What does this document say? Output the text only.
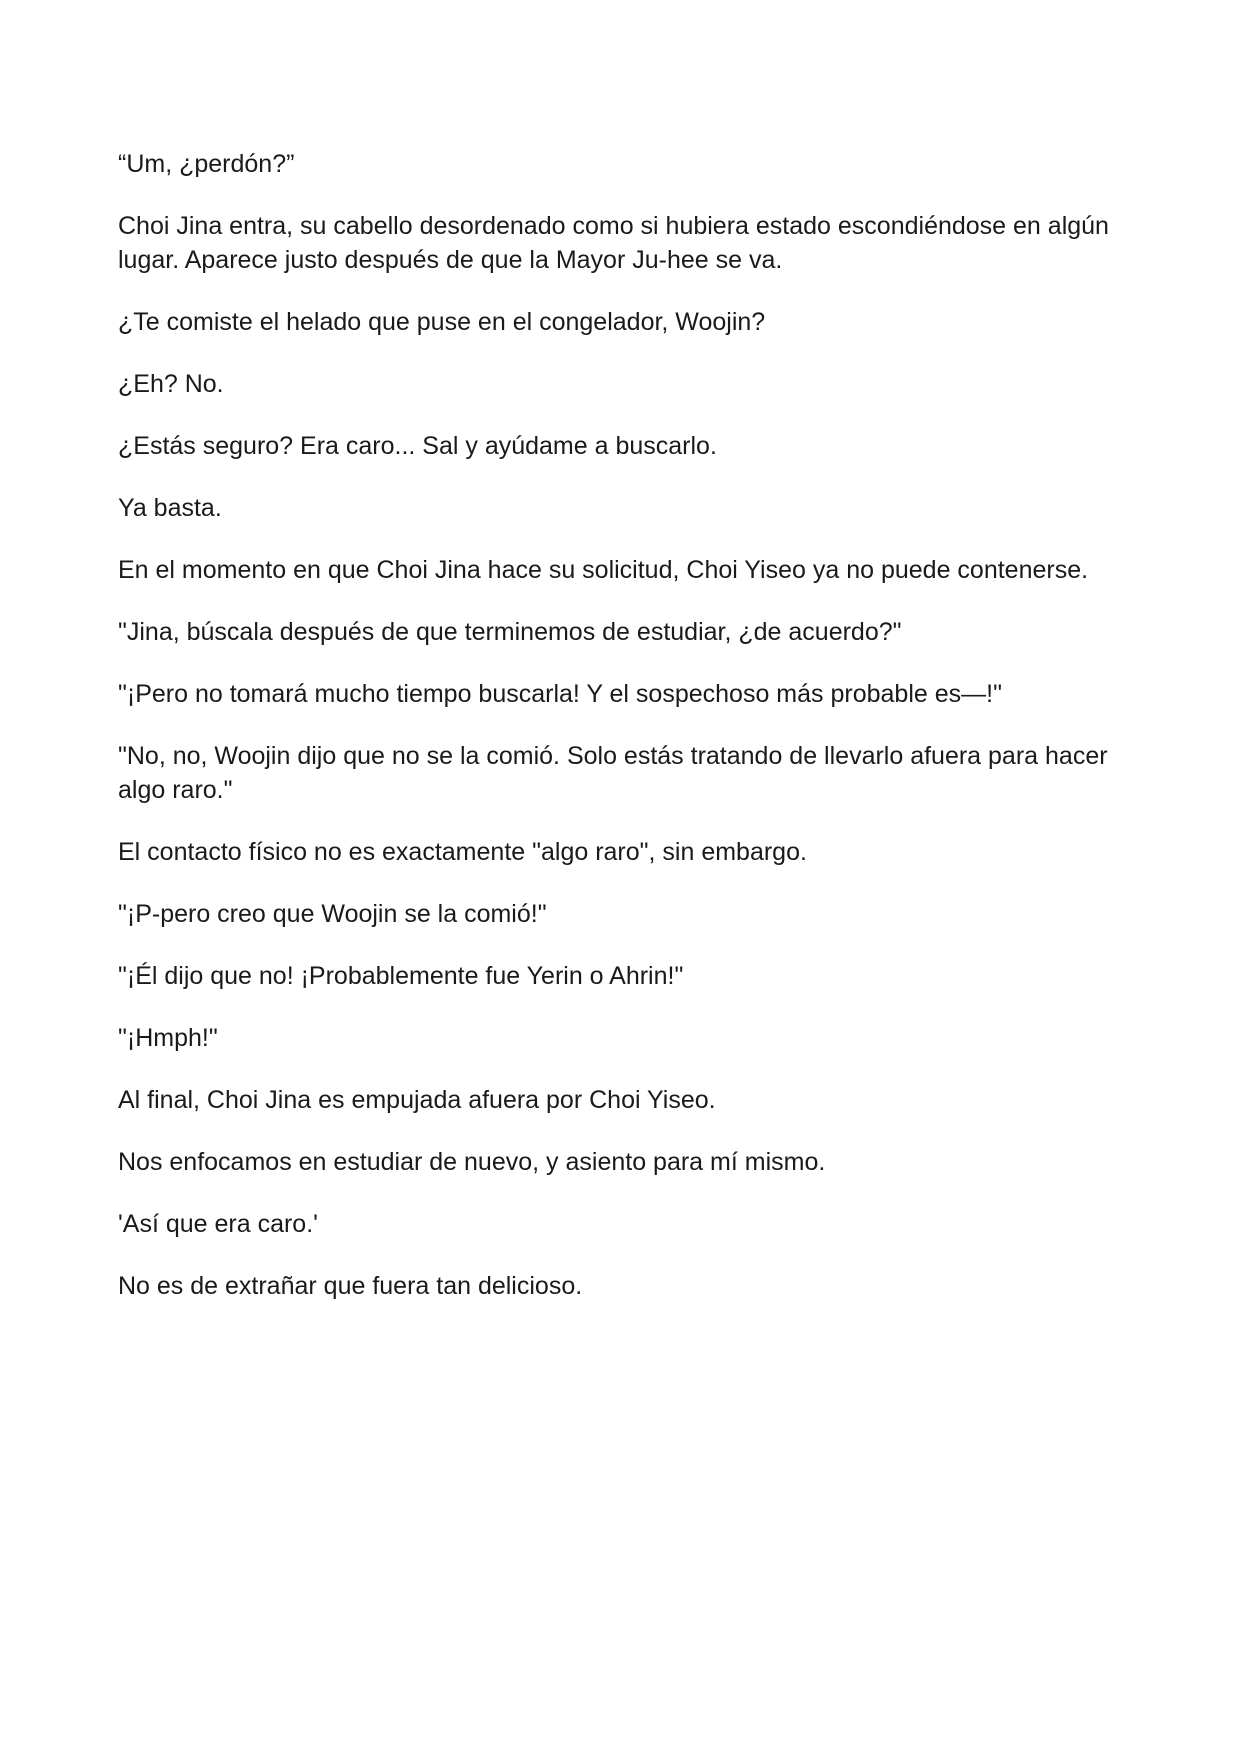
“Um, ¿perdón?”

Choi Jina entra, su cabello desordenado como si hubiera estado escondiéndose en algún lugar. Aparece justo después de que la Mayor Ju-hee se va.

¿Te comiste el helado que puse en el congelador, Woojin?

¿Eh? No.

¿Estás seguro? Era caro... Sal y ayúdame a buscarlo.

Ya basta.

En el momento en que Choi Jina hace su solicitud, Choi Yiseo ya no puede contenerse.

"Jina, búscala después de que terminemos de estudiar, ¿de acuerdo?"

"¡Pero no tomará mucho tiempo buscarla! Y el sospechoso más probable es—!"

"No, no, Woojin dijo que no se la comió. Solo estás tratando de llevarlo afuera para hacer algo raro."

El contacto físico no es exactamente "algo raro", sin embargo.

"¡P-pero creo que Woojin se la comió!"

"¡Él dijo que no! ¡Probablemente fue Yerin o Ahrin!"

"¡Hmph!"

Al final, Choi Jina es empujada afuera por Choi Yiseo.

Nos enfocamos en estudiar de nuevo, y asiento para mí mismo.

'Así que era caro.'

No es de extrañar que fuera tan delicioso.
